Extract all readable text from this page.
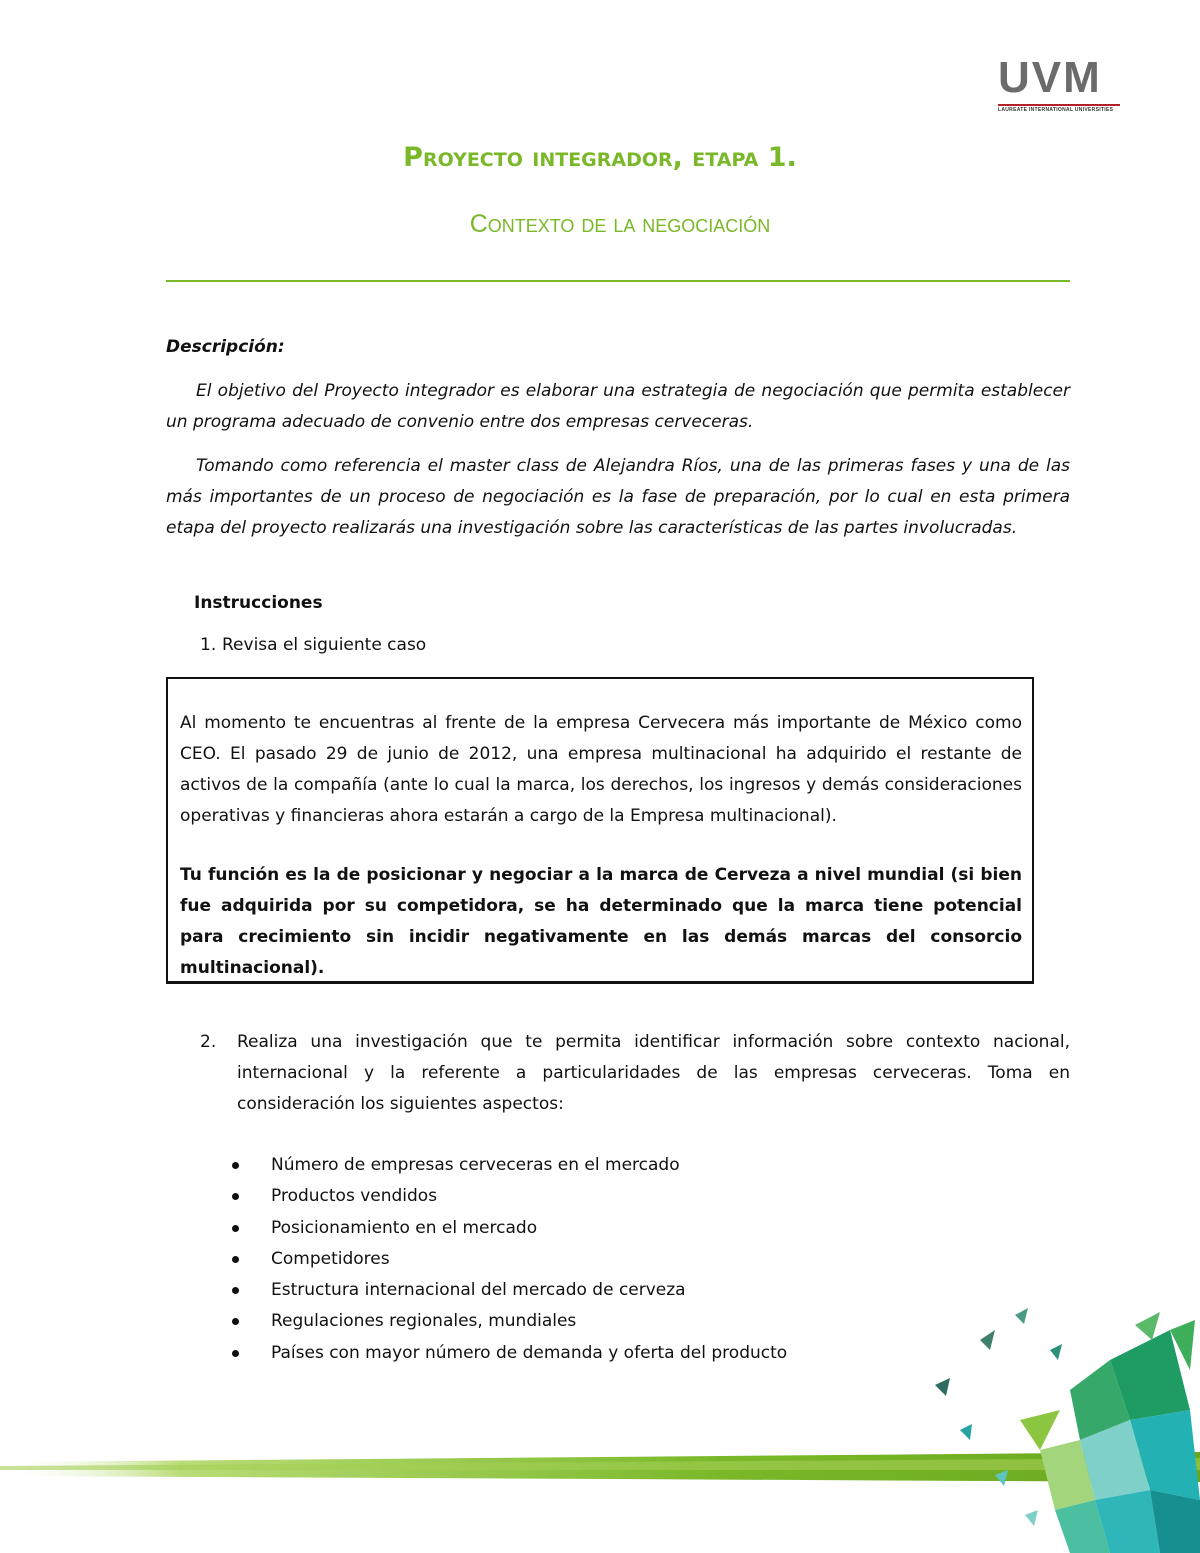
UVM
LAUREATE INTERNATIONAL UNIVERSITIES
Proyecto integrador, etapa 1.
Contexto de la negociación
Descripción:
El objetivo del Proyecto integrador es elaborar una estrategia de negociación que permita establecer un programa adecuado de convenio entre dos empresas cerveceras.
Tomando como referencia el master class de Alejandra Ríos, una de las primeras fases y una de las más importantes de un proceso de negociación es la fase de preparación, por lo cual en esta primera etapa del proyecto realizarás una investigación sobre las características de las partes involucradas.
Instrucciones
1. Revisa el siguiente caso
Al momento te encuentras al frente de la empresa Cervecera más importante de México como CEO. El pasado 29 de junio de 2012, una empresa multinacional ha adquirido el restante de activos de la compañía (ante lo cual la marca, los derechos, los ingresos y demás consideraciones operativas y financieras ahora estarán a cargo de la Empresa multinacional).
Tu función es la de posicionar y negociar a la marca de Cerveza a nivel mundial (si bien fue adquirida por su competidora, se ha determinado que la marca tiene potencial para crecimiento sin incidir negativamente en las demás marcas del consorcio multinacional).
2. Realiza una investigación que te permita identificar información sobre contexto nacional, internacional y la referente a particularidades de las empresas cerveceras. Toma en consideración los siguientes aspectos:
Número de empresas cerveceras en el mercado
Productos vendidos
Posicionamiento en el mercado
Competidores
Estructura internacional del mercado de cerveza
Regulaciones regionales, mundiales
Países con mayor número de demanda y oferta del producto
